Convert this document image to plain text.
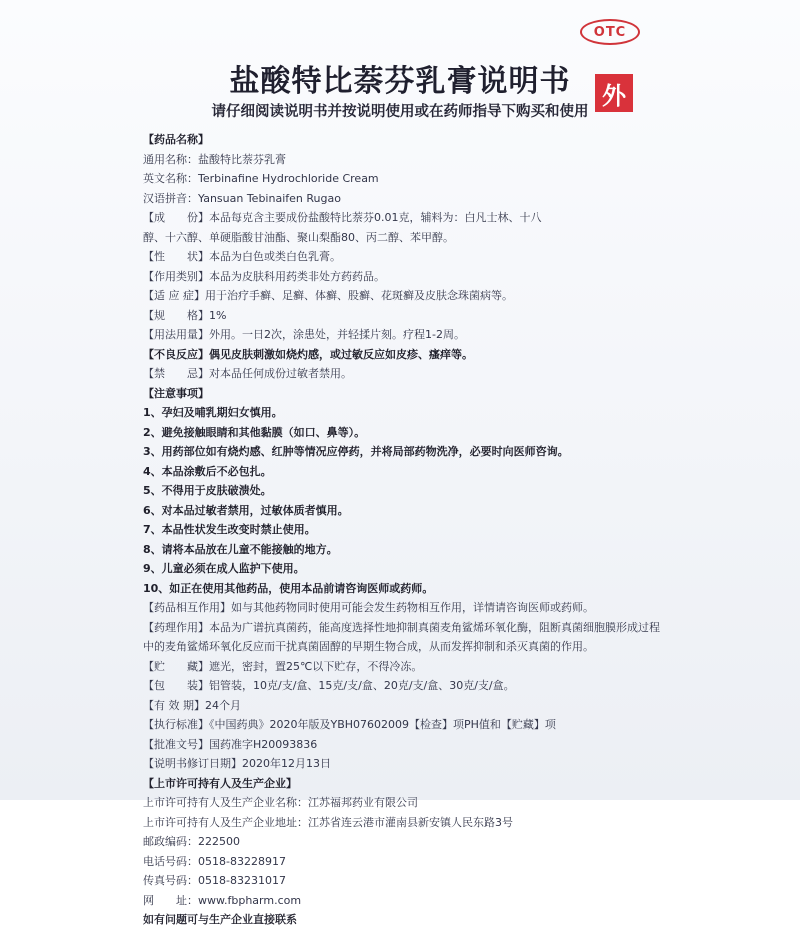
OTC
盐酸特比萘芬乳膏说明书	外
请仔细阅读说明书并按说明使用或在药师指导下购买和使用
【药品名称】
通用名称：盐酸特比萘芬乳膏
英文名称：Terbinafine Hydrochloride Cream
汉语拼音：Yansuan Tebinaifen Rugao
【成　　份】本品每克含主要成份盐酸特比萘芬0.01克，辅料为：白凡士林、十八
醇、十六醇、单硬脂酸甘油酯、聚山梨酯80、丙二醇、苯甲醇。
【性　　状】本品为白色或类白色乳膏。
【作用类别】本品为皮肤科用药类非处方药药品。
【适 应 症】用于治疗手癣、足癣、体癣、股癣、花斑癣及皮肤念珠菌病等。
【规　　格】1%
【用法用量】外用。一日2次，涂患处，并轻揉片刻。疗程1-2周。
【不良反应】偶见皮肤刺激如烧灼感，或过敏反应如皮疹、瘙痒等。
【禁　　忌】对本品任何成份过敏者禁用。
【注意事项】
1、孕妇及哺乳期妇女慎用。
2、避免接触眼睛和其他黏膜（如口、鼻等）。
3、用药部位如有烧灼感、红肿等情况应停药，并将局部药物洗净，必要时向医师咨询。
4、本品涂敷后不必包扎。
5、不得用于皮肤破溃处。
6、对本品过敏者禁用，过敏体质者慎用。
7、本品性状发生改变时禁止使用。
8、请将本品放在儿童不能接触的地方。
9、儿童必须在成人监护下使用。
10、如正在使用其他药品，使用本品前请咨询医师或药师。
【药品相互作用】如与其他药物同时使用可能会发生药物相互作用，详情请咨询医师或药师。
【药理作用】本品为广谱抗真菌药，能高度选择性地抑制真菌麦角鲨烯环氧化酶，阻断真菌细胞膜形成过程中的麦角鲨烯环氧化反应而干扰真菌固醇的早期生物合成，从而发挥抑制和杀灭真菌的作用。
【贮　　藏】遮光，密封，置25℃以下贮存，不得冷冻。
【包　　装】铝管装，10克/支/盒、15克/支/盒、20克/支/盒、30克/支/盒。
【有 效 期】24个月
【执行标准】《中国药典》2020年版及YBH07602009【检查】项PH值和【贮藏】项
【批准文号】国药准字H20093836
【说明书修订日期】2020年12月13日
【上市许可持有人及生产企业】
上市许可持有人及生产企业名称：江苏福邦药业有限公司
上市许可持有人及生产企业地址：江苏省连云港市灌南县新安镇人民东路3号
邮政编码：222500
电话号码：0518-83228917
传真号码：0518-83231017
网　　址：www.fbpharm.com
如有问题可与生产企业直接联系
